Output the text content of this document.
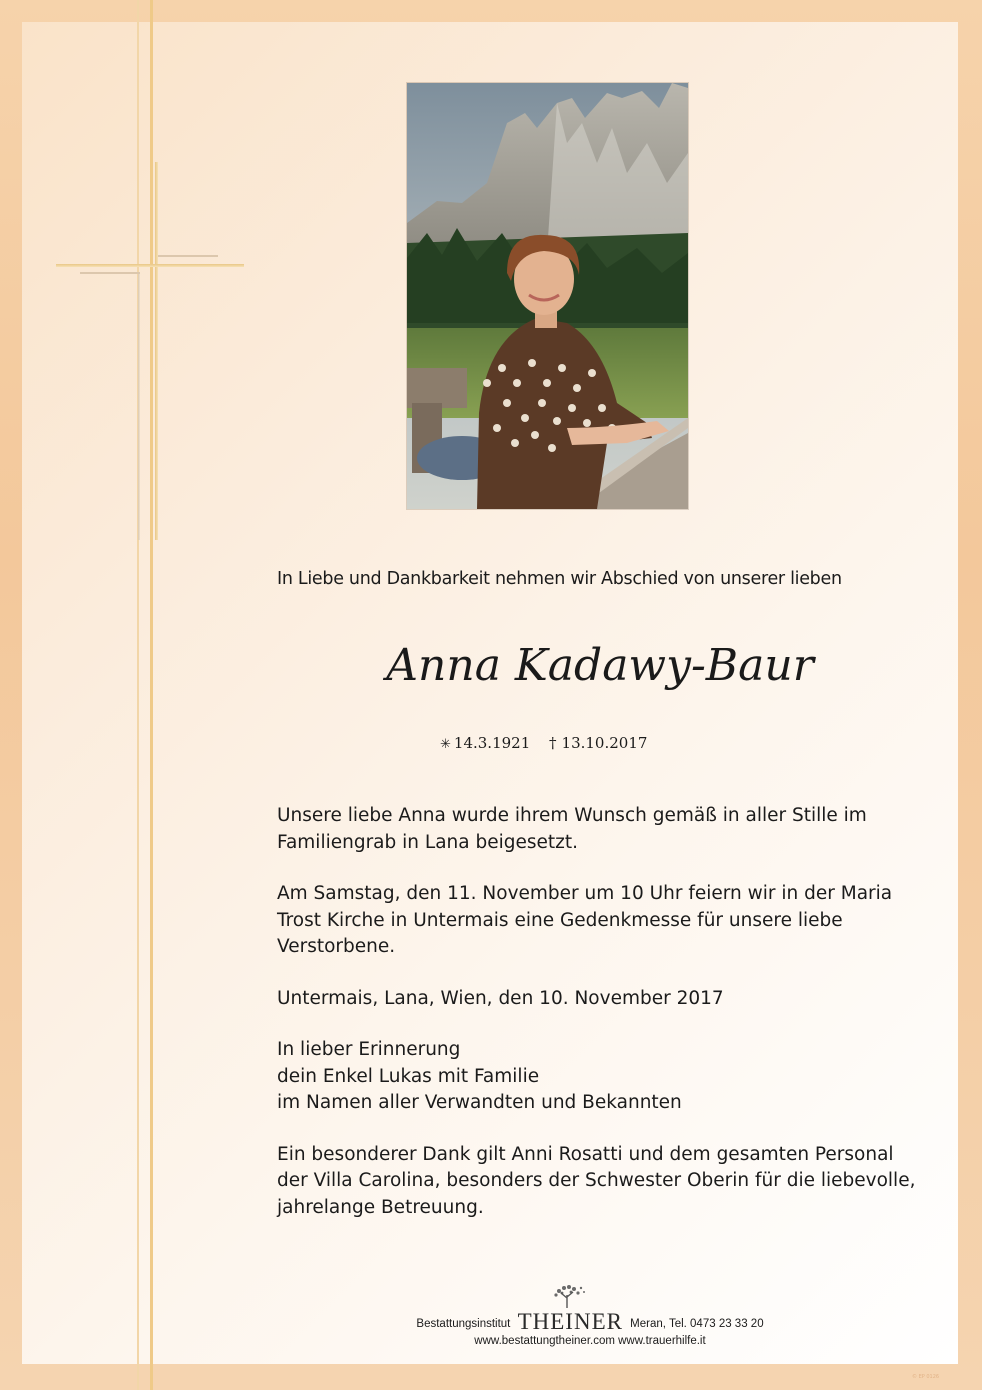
In Liebe und Dankbarkeit nehmen wir Abschied von unserer lieben
Anna Kadawy-Baur
✳ 14.3.1921 † 13.10.2017

Unsere liebe Anna wurde ihrem Wunsch gemäß in aller Stille im
Familiengrab in Lana beigesetzt.

Am Samstag, den 11. November um 10 Uhr feiern wir in der Maria
Trost Kirche in Untermais eine Gedenkmesse für unsere liebe
Verstorbene.

Untermais, Lana, Wien, den 10. November 2017

In lieber Erinnerung
dein Enkel Lukas mit Familie
im Namen aller Verwandten und Bekannten

Ein besonderer Dank gilt Anni Rosatti und dem gesamten Personal
der Villa Carolina, besonders der Schwester Oberin für die liebevolle,
jahrelange Betreuung.

Bestattungsinstitut THEINER Meran, Tel. 0473 23 33 20
www.bestattungtheiner.com www.trauerhilfe.it
© EP 0126
